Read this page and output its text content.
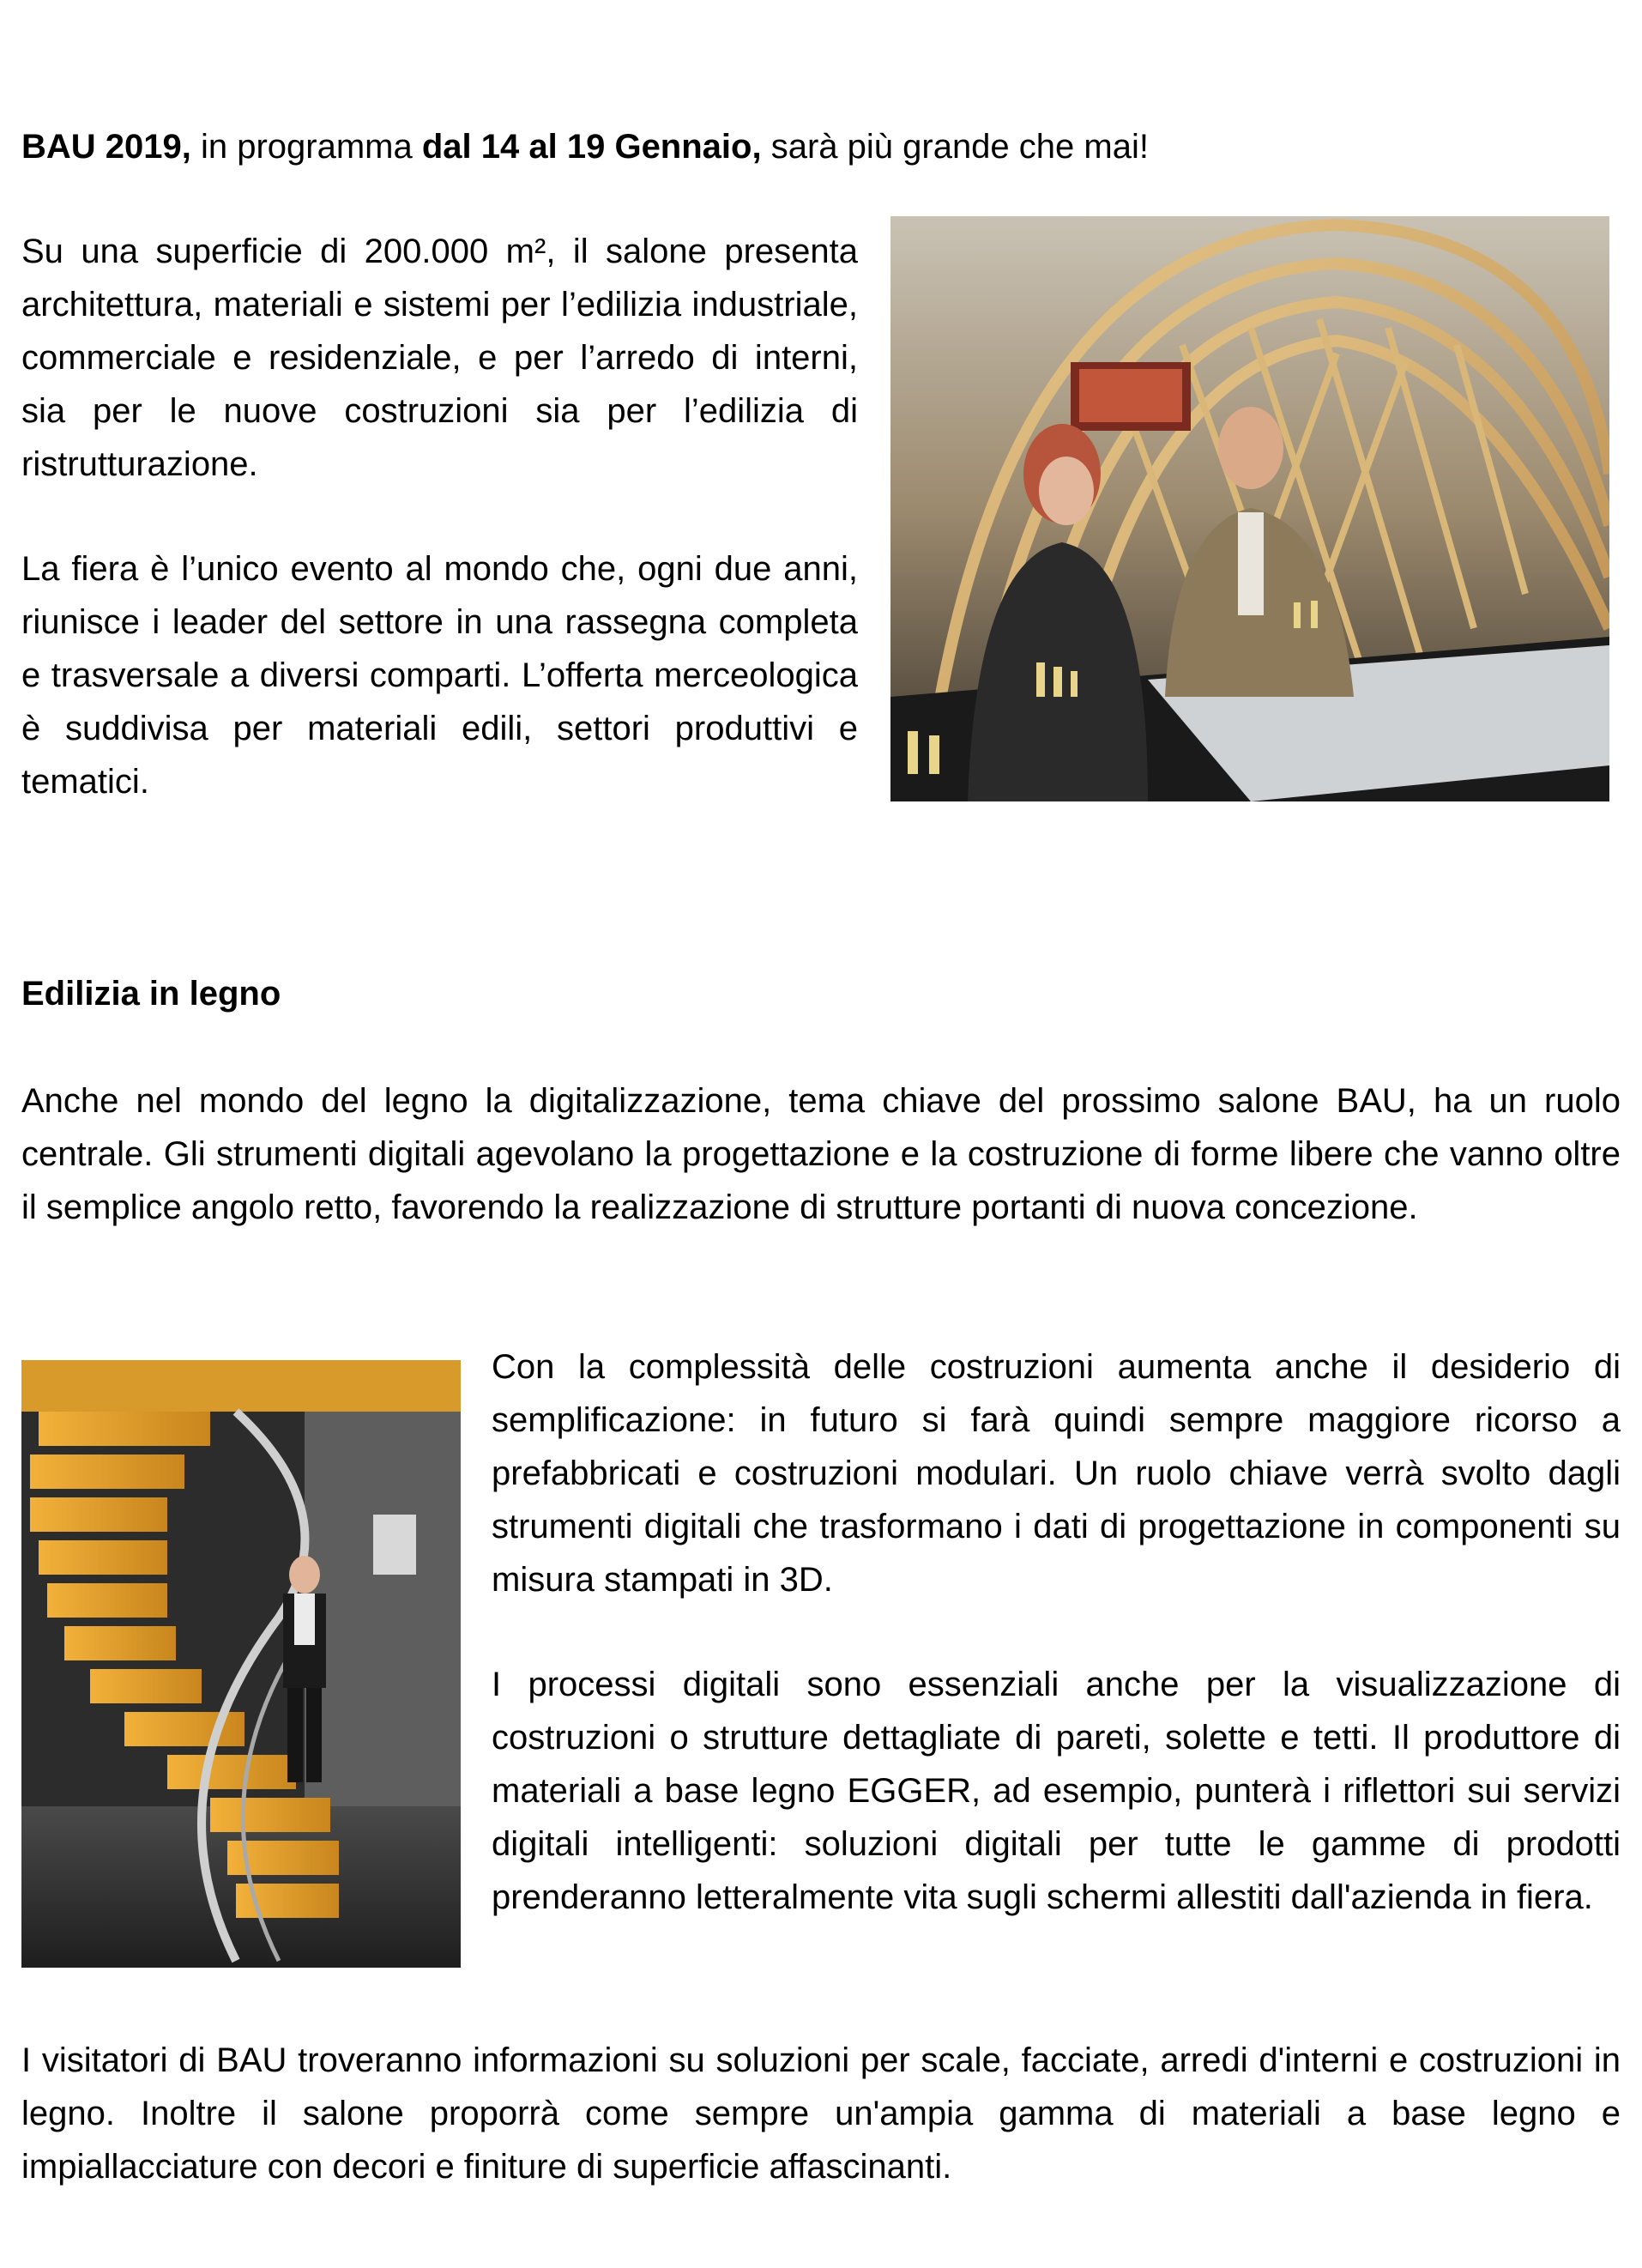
BAU 2019, in programma dal 14 al 19 Gennaio, sarà più grande che mai!

Su una superficie di 200.000 m², il salone presenta architettura, materiali e sistemi per l’edilizia industriale, commerciale e residenziale, e per l’arredo di interni, sia per le nuove costruzioni sia per l’edilizia di ristrutturazione.

La fiera è l’unico evento al mondo che, ogni due anni, riunisce i leader del settore in una rassegna completa e trasversale a diversi comparti. L’offerta merceologica è suddivisa per materiali edili, settori produttivi e tematici.

Edilizia in legno

Anche nel mondo del legno la digitalizzazione, tema chiave del prossimo salone BAU, ha un ruolo centrale. Gli strumenti digitali agevolano la progettazione e la costruzione di forme libere che vanno oltre il semplice angolo retto, favorendo la realizzazione di strutture portanti di nuova concezione.

Con la complessità delle costruzioni aumenta anche il desiderio di semplificazione: in futuro si farà quindi sempre maggiore ricorso a prefabbricati e costruzioni modulari. Un ruolo chiave verrà svolto dagli strumenti digitali che trasformano i dati di progettazione in componenti su misura stampati in 3D.

I processi digitali sono essenziali anche per la visualizzazione di costruzioni o strutture dettagliate di pareti, solette e tetti. Il produttore di materiali a base legno EGGER, ad esempio, punterà i riflettori sui servizi digitali intelligenti: soluzioni digitali per tutte le gamme di prodotti prenderanno letteralmente vita sugli schermi allestiti dall'azienda in fiera.

I visitatori di BAU troveranno informazioni su soluzioni per scale, facciate, arredi d'interni e costruzioni in legno. Inoltre il salone proporrà come sempre un'ampia gamma di materiali a base legno e impiallacciature con decori e finiture di superficie affascinanti.
